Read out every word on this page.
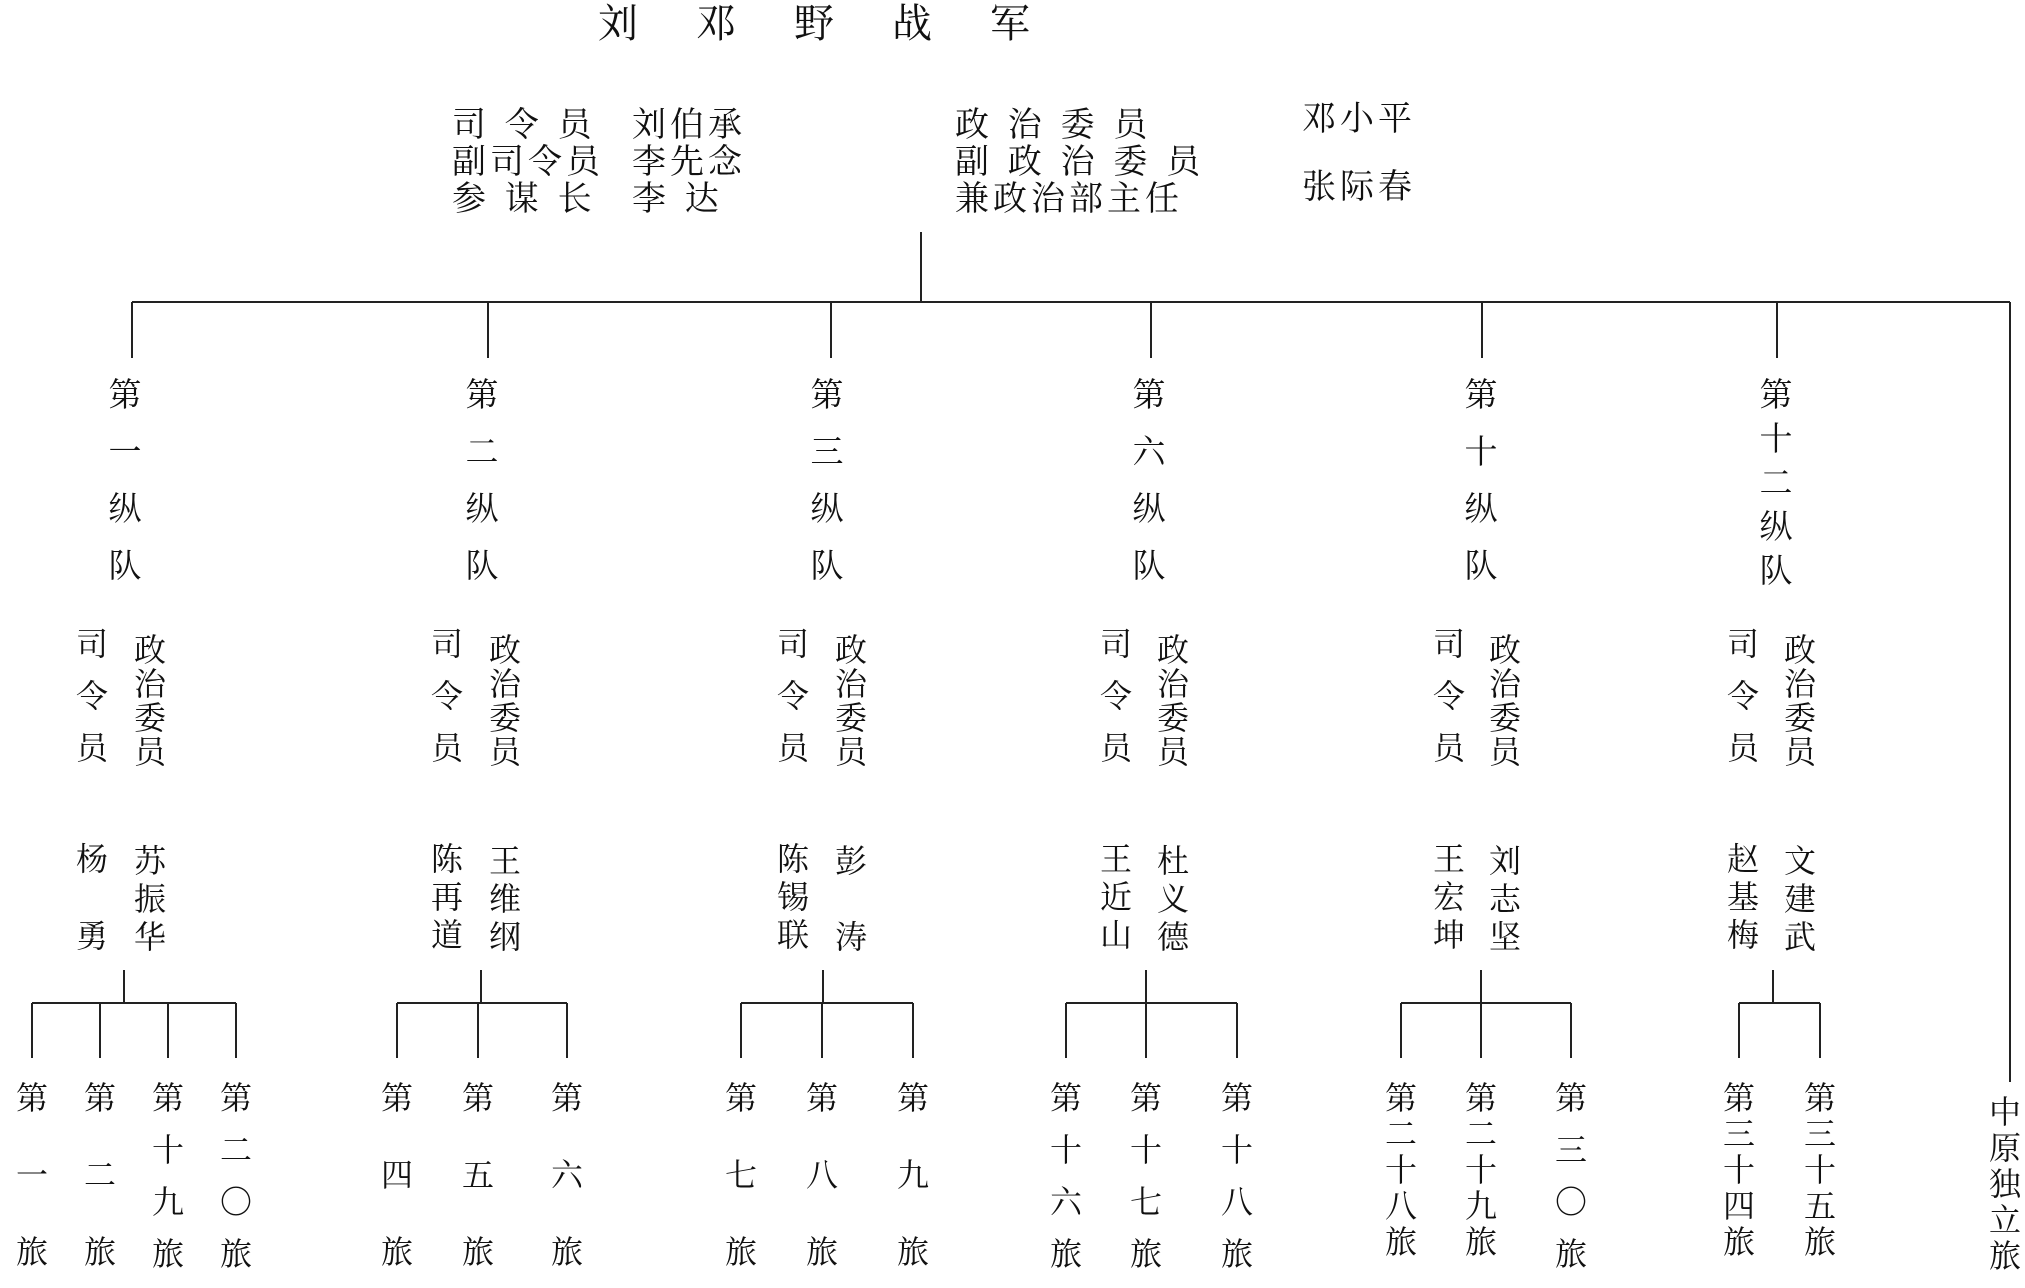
刘邓野战军
司 令 员 刘伯承
副司令员 李先念
参 谋 长 李 达
政 治 委 员	邓小平
副 政 治 委 员
兼政治部主任	张际春
第
一
纵
队
司
令
员
政
治
委
员
杨
勇
苏
振
华
第
一
旅
第
二
旅
第
十
九
旅
第
二
〇
旅
第
二
纵
队
司
令
员
政
治
委
员
陈
再
道
王
维
纲
第
四
旅
第
五
旅
第
六
旅
第
三
纵
队
司
令
员
政
治
委
员
陈
锡
联
彭
涛
第
七
旅
第
八
旅
第
九
旅
第
六
纵
队
司
令
员
政
治
委
员
王
近
山
杜
义
德
第
十
六
旅
第
十
七
旅
第
十
八
旅
第
十
纵
队
司
令
员
政
治
委
员
王
宏
坤
刘
志
坚
第
二
十
八
旅
第
二
十
九
旅
第
三
〇
旅
第
十
二
纵
队
司
令
员
政
治
委
员
赵
基
梅
文
建
武
第
三
十
四
旅
第
三
十
五
旅
中
原
独
立
旅
